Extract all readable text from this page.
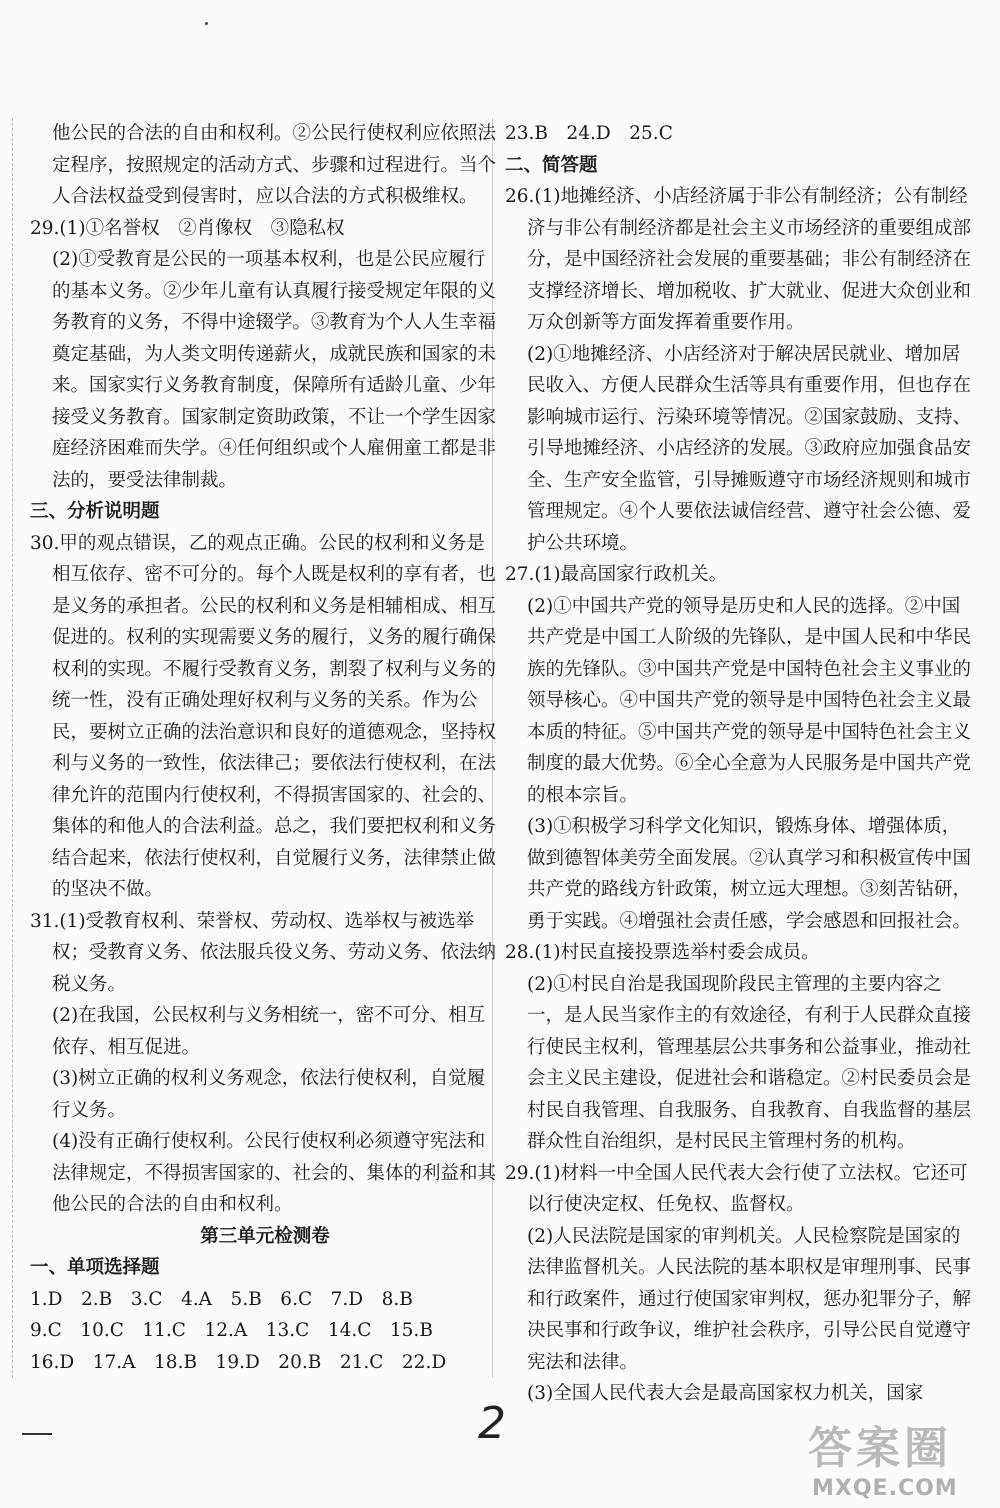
他公民的合法的自由和权利。②公民行使权利应依照法定程序，按照规定的活动方式、步骤和过程进行。当个人合法权益受到侵害时，应以合法的方式积极维权。

29.(1)①名誉权　②肖像权　③隐私权

(2)①受教育是公民的一项基本权利，也是公民应履行的基本义务。②少年儿童有认真履行接受规定年限的义务教育的义务，不得中途辍学。③教育为个人人生幸福奠定基础，为人类文明传递薪火，成就民族和国家的未来。国家实行义务教育制度，保障所有适龄儿童、少年接受义务教育。国家制定资助政策，不让一个学生因家庭经济困难而失学。④任何组织或个人雇佣童工都是非法的，要受法律制裁。

三、分析说明题

30.甲的观点错误，乙的观点正确。公民的权利和义务是相互依存、密不可分的。每个人既是权利的享有者，也是义务的承担者。公民的权利和义务是相辅相成、相互促进的。权利的实现需要义务的履行，义务的履行确保权利的实现。不履行受教育义务，割裂了权利与义务的统一性，没有正确处理好权利与义务的关系。作为公民，要树立正确的法治意识和良好的道德观念，坚持权利与义务的一致性，依法律己；要依法行使权利，在法律允许的范围内行使权利，不得损害国家的、社会的、集体的和他人的合法利益。总之，我们要把权利和义务结合起来，依法行使权利，自觉履行义务，法律禁止做的坚决不做。

31.(1)受教育权利、荣誉权、劳动权、选举权与被选举权；受教育义务、依法服兵役义务、劳动义务、依法纳税义务。

(2)在我国，公民权利与义务相统一，密不可分、相互依存、相互促进。

(3)树立正确的权利义务观念，依法行使权利，自觉履行义务。

(4)没有正确行使权利。公民行使权利必须遵守宪法和法律规定，不得损害国家的、社会的、集体的利益和其他公民的合法的自由和权利。

第三单元检测卷

一、单项选择题

1.D　2.B　3.C　4.A　5.B　6.C　7.D　8.B

9.C　10.C　11.C　12.A　13.C　14.C　15.B

16.D　17.A　18.B　19.D　20.B　21.C　22.D

23.B　24.D　25.C

二、简答题

26.(1)地摊经济、小店经济属于非公有制经济；公有制经济与非公有制经济都是社会主义市场经济的重要组成部分，是中国经济社会发展的重要基础；非公有制经济在支撑经济增长、增加税收、扩大就业、促进大众创业和万众创新等方面发挥着重要作用。

(2)①地摊经济、小店经济对于解决居民就业、增加居民收入、方便人民群众生活等具有重要作用，但也存在影响城市运行、污染环境等情况。②国家鼓励、支持、引导地摊经济、小店经济的发展。③政府应加强食品安全、生产安全监管，引导摊贩遵守市场经济规则和城市管理规定。④个人要依法诚信经营、遵守社会公德、爱护公共环境。

27.(1)最高国家行政机关。

(2)①中国共产党的领导是历史和人民的选择。②中国共产党是中国工人阶级的先锋队，是中国人民和中华民族的先锋队。③中国共产党是中国特色社会主义事业的领导核心。④中国共产党的领导是中国特色社会主义最本质的特征。⑤中国共产党的领导是中国特色社会主义制度的最大优势。⑥全心全意为人民服务是中国共产党的根本宗旨。

(3)①积极学习科学文化知识，锻炼身体、增强体质，做到德智体美劳全面发展。②认真学习和积极宣传中国共产党的路线方针政策，树立远大理想。③刻苦钻研，勇于实践。④增强社会责任感，学会感恩和回报社会。

28.(1)村民直接投票选举村委会成员。

(2)①村民自治是我国现阶段民主管理的主要内容之一，是人民当家作主的有效途径，有利于人民群众直接行使民主权利，管理基层公共事务和公益事业，推动社会主义民主建设，促进社会和谐稳定。②村民委员会是村民自我管理、自我服务、自我教育、自我监督的基层群众性自治组织，是村民民主管理村务的机构。

29.(1)材料一中全国人民代表大会行使了立法权。它还可以行使决定权、任免权、监督权。

(2)人民法院是国家的审判机关。人民检察院是国家的法律监督机关。人民法院的基本职权是审理刑事、民事和行政案件，通过行使国家审判权，惩办犯罪分子，解决民事和行政争议，维护社会秩序，引导公民自觉遵守宪法和法律。

(3)全国人民代表大会是最高国家权力机关，国家

2	答案圈
MXQE.COM
